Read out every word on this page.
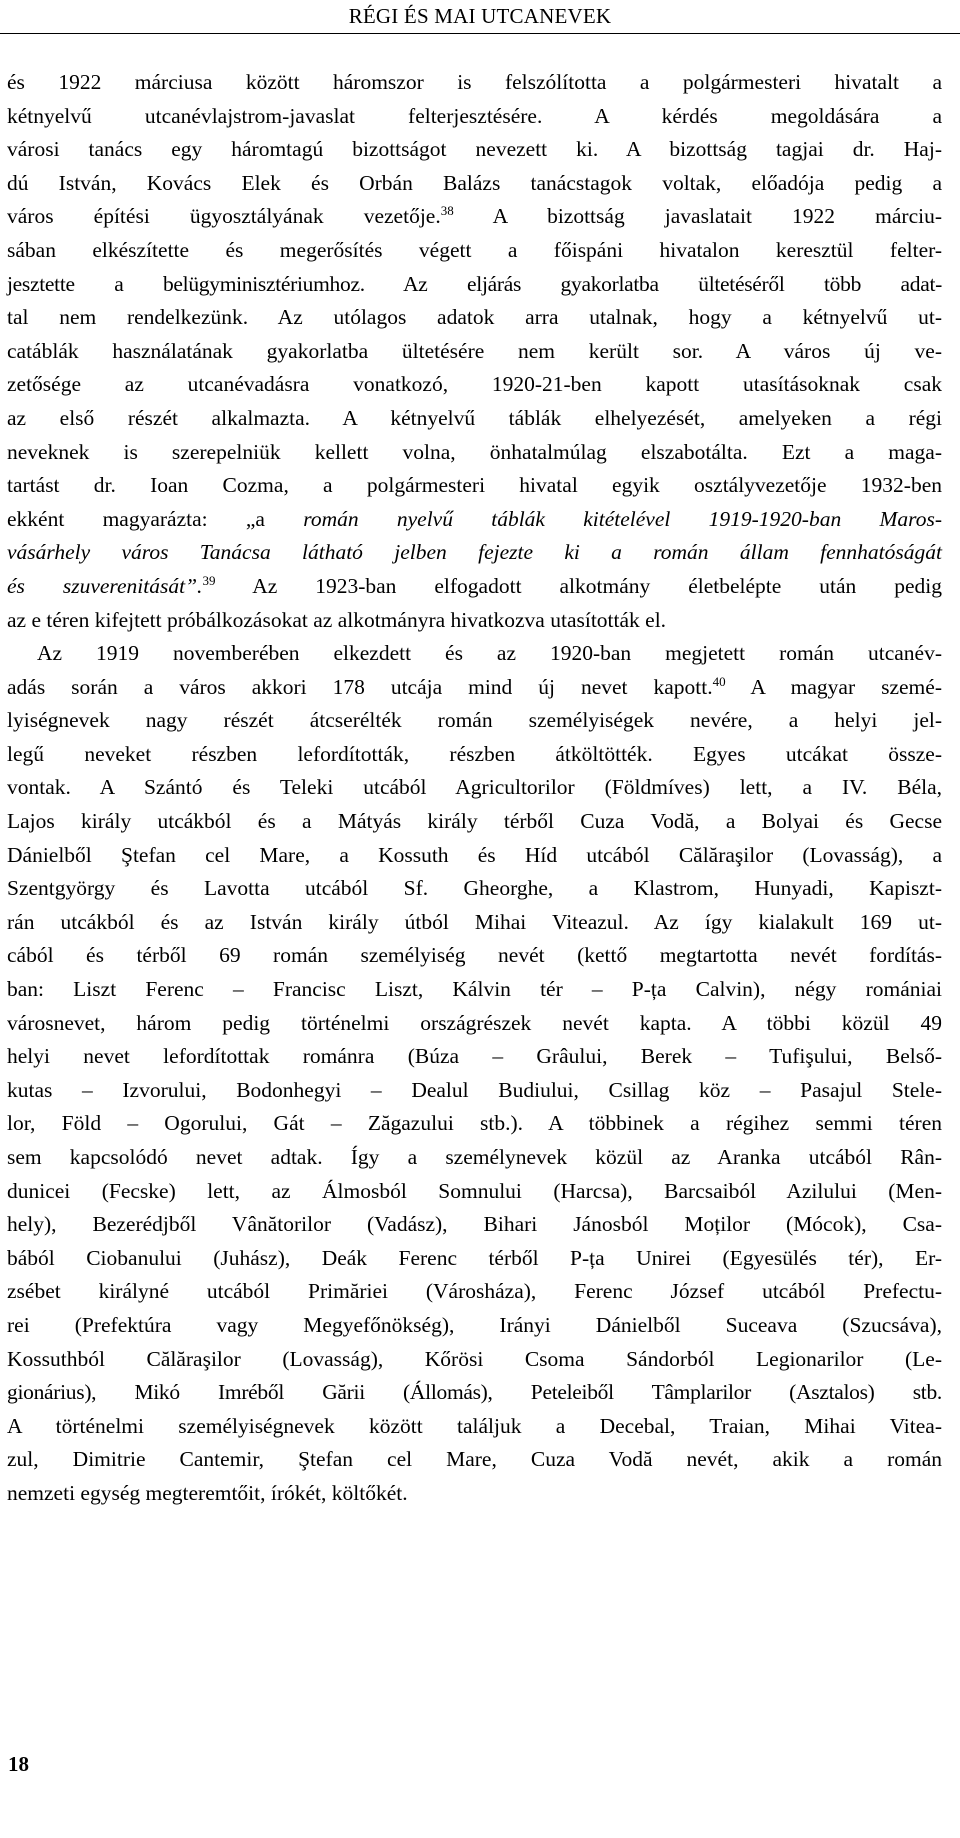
RÉGI ÉS MAI UTCANEVEK
és 1922 márciusa között háromszor is felszólította a polgármesteri hivatalt a
kétnyelvű utcanévlajstrom-javaslat felterjesztésére. A kérdés megoldására a
városi tanács egy háromtagú bizottságot nevezett ki. A bizottság tagjai dr. Haj-
dú István, Kovács Elek és Orbán Balázs tanácstagok voltak, előadója pedig a
város építési ügyosztályának vezetője.$^{38}$ A bizottság javaslatait 1922 márciu-
sában elkészítette és megerősítés végett a főispáni hivatalon keresztül felter-
jesztette a belügyminisztériumhoz. Az eljárás gyakorlatba ültetéséről több adat-
tal nem rendelkezünk. Az utólagos adatok arra utalnak, hogy a kétnyelvű ut-
catáblák használatának gyakorlatba ültetésére nem került sor. A város új ve-
zetősége az utcanévadásra vonatkozó, 1920-21-ben kapott utasításoknak csak
az első részét alkalmazta. A kétnyelvű táblák elhelyezését, amelyeken a régi
neveknek is szerepelniük kellett volna, önhatalmúlag elszabotálta. Ezt a maga-
tartást dr. Ioan Cozma, a polgármesteri hivatal egyik osztályvezetője 1932-ben
ekként magyarázta: „a román nyelvű táblák kitételével 1919-1920-ban Maros-
vásárhely város Tanácsa látható jelben fejezte ki a román állam fennhatóságát
és szuverenitását”.$^{39}$ Az 1923-ban elfogadott alkotmány életbelépte után pedig
az e téren kifejtett próbálkozásokat az alkotmányra hivatkozva utasították el.
Az 1919 novemberében elkezdett és az 1920-ban megjetett román utcanév-
adás során a város akkori 178 utcája mind új nevet kapott.$^{40}$ A magyar szemé-
lyiségnevek nagy részét átcserélték román személyiségek nevére, a helyi jel-
legű neveket részben lefordították, részben átköltötték. Egyes utcákat össze-
vontak. A Szántó és Teleki utcából Agricultorilor (Földmíves) lett, a IV. Béla,
Lajos király utcákból és a Mátyás király térből Cuza Vodă, a Bolyai és Gecse
Dánielből Ştefan cel Mare, a Kossuth és Híd utcából Călăraşilor (Lovasság), a
Szentgyörgy és Lavotta utcából Sf. Gheorghe, a Klastrom, Hunyadi, Kapiszt-
rán utcákból és az István király útból Mihai Viteazul. Az így kialakult 169 ut-
cából és térből 69 román személyiség nevét (kettő megtartotta nevét fordítás-
ban: Liszt Ferenc – Francisc Liszt, Kálvin tér – P-ța Calvin), négy romániai
városnevet, három pedig történelmi országrészek nevét kapta. A többi közül 49
helyi nevet lefordítottak románra (Búza – Grâului, Berek – Tufişului, Belső-
kutas – Izvorului, Bodonhegyi – Dealul Budiului, Csillag köz – Pasajul Stele-
lor, Föld – Ogorului, Gát – Zăgazului stb.). A többinek a régihez semmi téren
sem kapcsolódó nevet adtak. Így a személynevek közül az Aranka utcából Rân-
dunicei (Fecske) lett, az Álmosból Somnului (Harcsa), Barcsaiból Azilului (Men-
hely), Bezerédjből Vânătorilor (Vadász), Bihari Jánosból Moților (Mócok), Csa-
bából Ciobanului (Juhász), Deák Ferenc térből P-ța Unirei (Egyesülés tér), Er-
zsébet királyné utcából Primăriei (Városháza), Ferenc József utcából Prefectu-
rei (Prefektúra vagy Megyefőnökség), Irányi Dánielből Suceava (Szucsáva),
Kossuthból Călăraşilor (Lovasság), Kőrösi Csoma Sándorból Legionarilor (Le-
gionárius), Mikó Imréből Gării (Állomás), Peteleiből Tâmplarilor (Asztalos) stb.
A történelmi személyiségnevek között találjuk a Decebal, Traian, Mihai Vitea-
zul, Dimitrie Cantemir, Ştefan cel Mare, Cuza Vodă nevét, akik a román
nemzeti egység megteremtőit, írókét, költőkét.
18
